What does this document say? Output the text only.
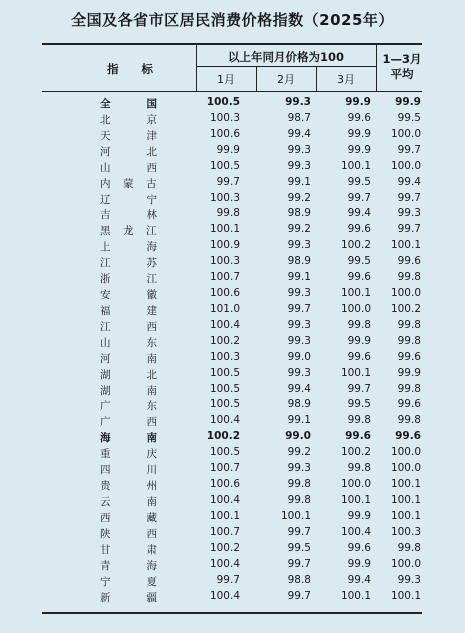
全国及各省市区居民消费价格指数（2025年）
指　　标
以上年同月价格为100	1—3月
平均
1月	2月	3月
全国 100.5	99.3	99.9 99.9
北京 100.3	98.7	99.6	99.5
天津 100.6	99.4	99.9 100.0
河北 99.9	99.3	99.9	99.7
山西 100.5	99.3	100.1 100.0
内蒙古	99.7	99.1	99.5	99.4
辽宁 100.3	99.2	99.7	99.7
吉林 99.8	98.9	99.4	99.3
黑龙江	100.1	99.2	99.6	99.7
上海 100.9	99.3	100.2 100.1
江苏 100.3	98.9	99.5	99.6
浙江 100.7	99.1	99.6	99.8
安徽 100.6	99.3	100.1 100.0
福建 101.0	99.7	100.0 100.2
江西 100.4	99.3	99.8	99.8
山东 100.2	99.3	99.9	99.8
河南 100.3	99.0	99.6	99.6
湖北 100.5	99.3	100.1	99.9
湖南 100.5	99.4	99.7	99.8
广东 100.5	98.9	99.5	99.6
广西 100.4	99.1	99.8	99.8
海南 100.2	99.0	99.6 99.6
重庆 100.5	99.2	100.2 100.0
四川 100.7	99.3	99.8 100.0
贵州 100.6	99.8	100.0 100.1
云南 100.4	99.8	100.1 100.1
西藏 100.1	100.1	99.9 100.1
陕西 100.7	99.7	100.4 100.3
甘肃 100.2	99.5	99.6	99.8
青海 100.4	99.7	99.9 100.0
宁夏 99.7	98.8	99.4	99.3
新疆 100.4	99.7	100.1 100.1
